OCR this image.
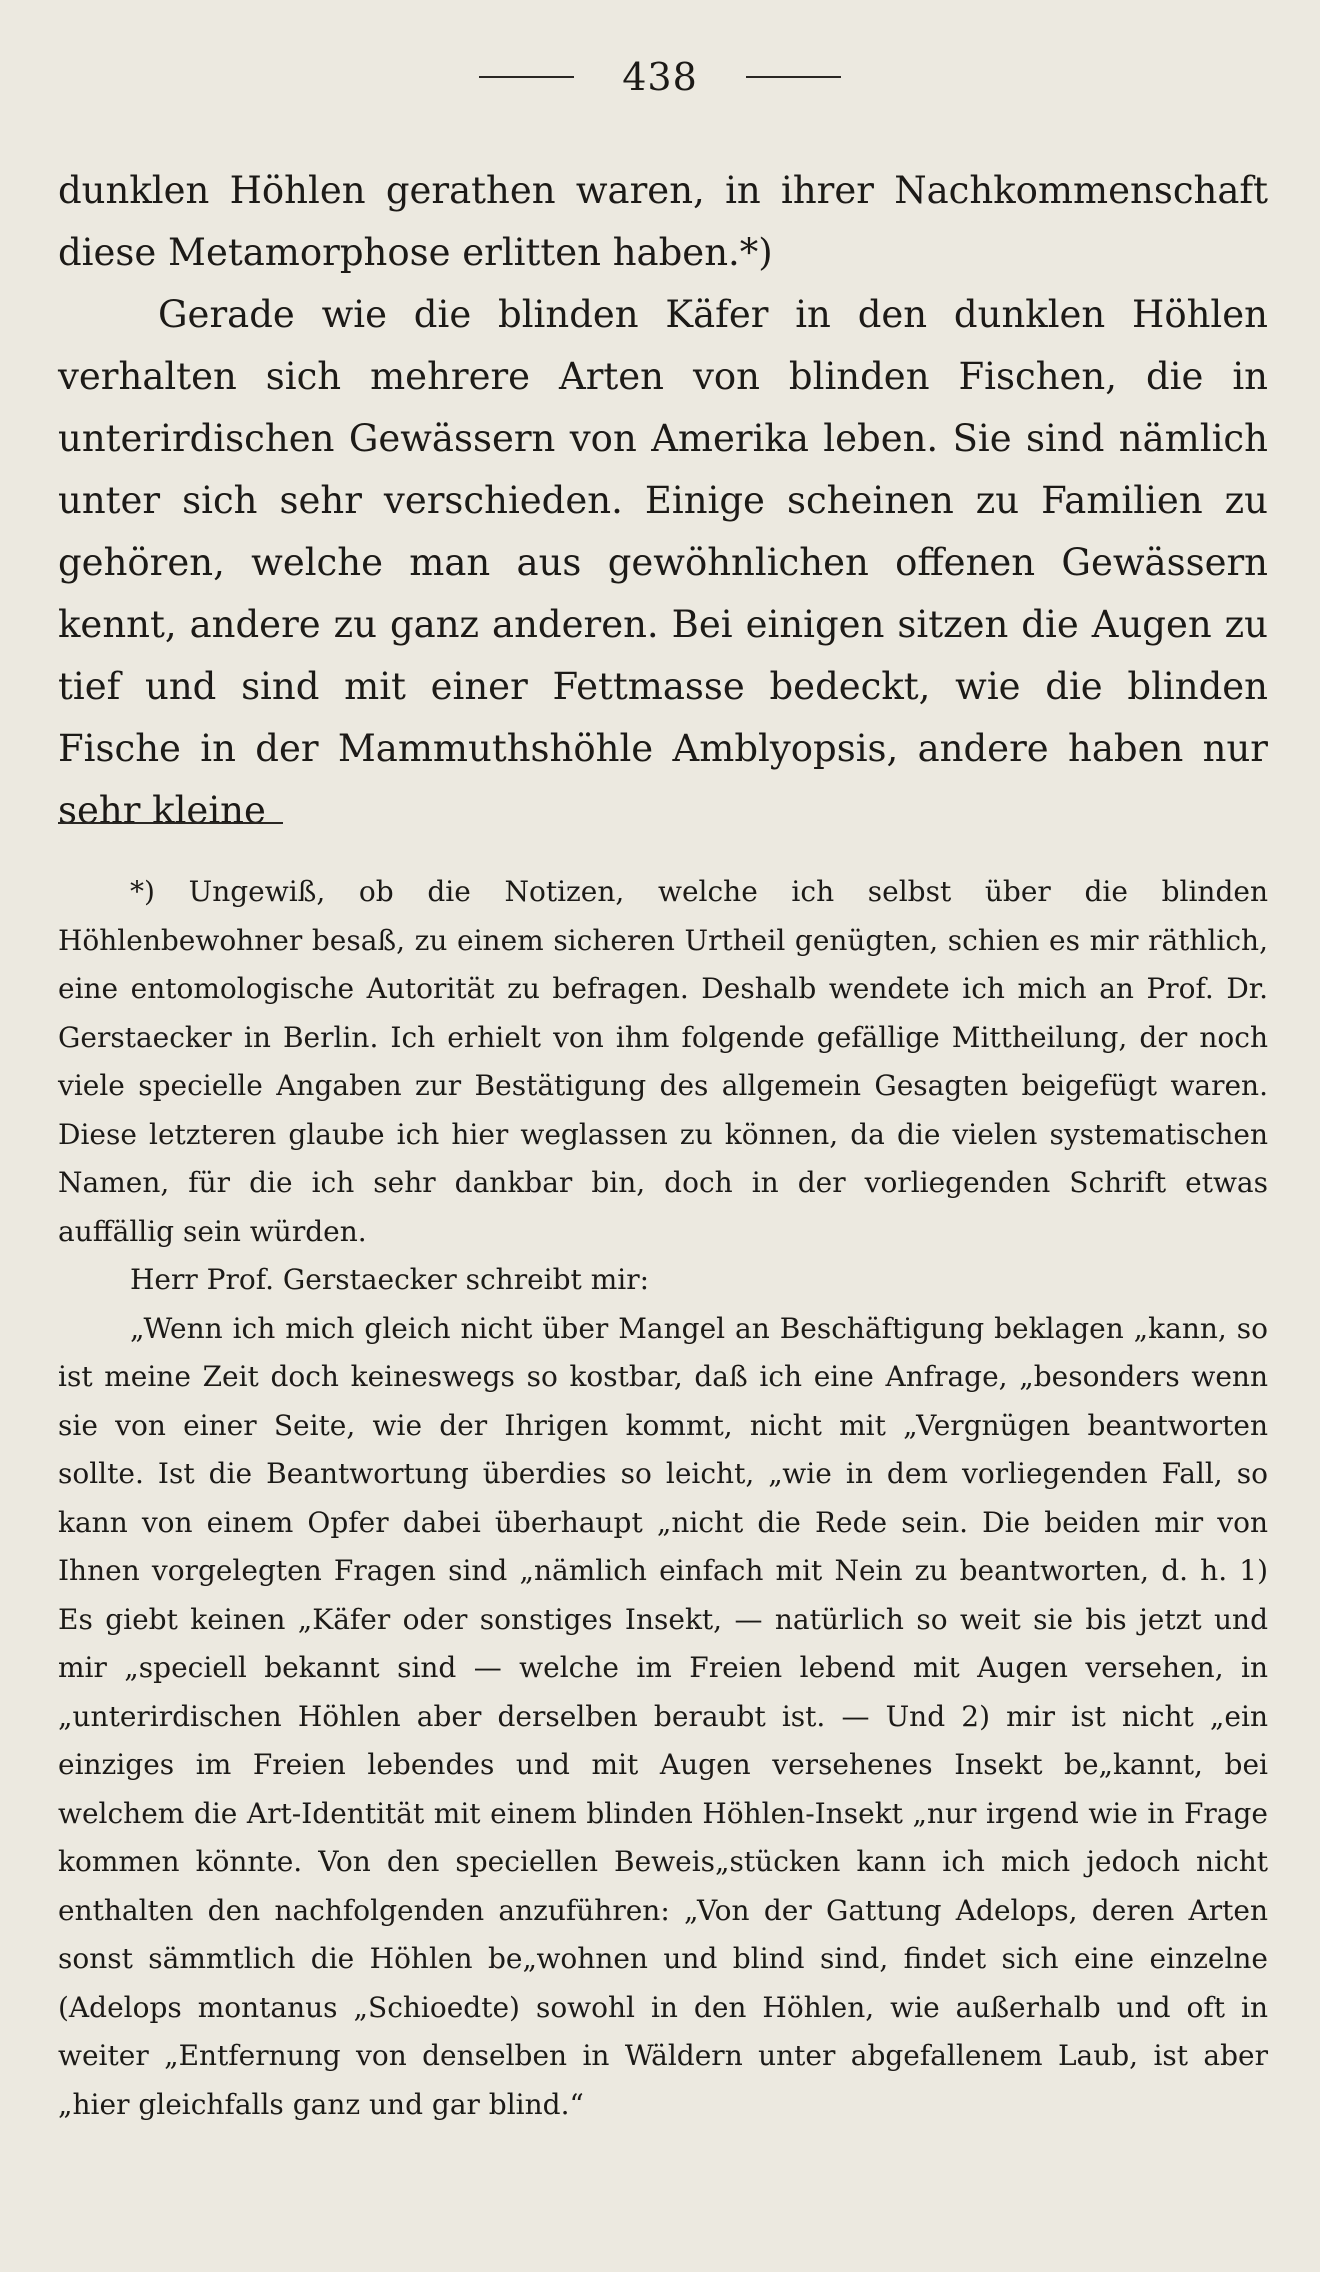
438

dunklen Höhlen gerathen waren, in ihrer Nachkommenschaft diese Metamorphose erlitten haben.*)

Gerade wie die blinden Käfer in den dunklen Höhlen verhalten sich mehrere Arten von blinden Fischen, die in unterirdischen Gewässern von Amerika leben. Sie sind nämlich unter sich sehr verschieden. Einige scheinen zu Familien zu gehören, welche man aus gewöhnlichen offenen Gewässern kennt, andere zu ganz anderen. Bei einigen sitzen die Augen zu tief und sind mit einer Fettmasse bedeckt, wie die blinden Fische in der Mammuthshöhle Amblyopsis, andere haben nur sehr kleine

*) Ungewiß, ob die Notizen, welche ich selbst über die blinden Höhlenbewohner besaß, zu einem sicheren Urtheil genügten, schien es mir räthlich, eine entomologische Autorität zu befragen. Deshalb wendete ich mich an Prof. Dr. Gerstaecker in Berlin. Ich erhielt von ihm folgende gefällige Mittheilung, der noch viele specielle Angaben zur Bestätigung des allgemein Gesagten beigefügt waren. Diese letzteren glaube ich hier weglassen zu können, da die vielen systematischen Namen, für die ich sehr dankbar bin, doch in der vorliegenden Schrift etwas auffällig sein würden.

Herr Prof. Gerstaecker schreibt mir:

„Wenn ich mich gleich nicht über Mangel an Beschäftigung beklagen „kann, so ist meine Zeit doch keineswegs so kostbar, daß ich eine Anfrage, „besonders wenn sie von einer Seite, wie der Ihrigen kommt, nicht mit „Vergnügen beantworten sollte. Ist die Beantwortung überdies so leicht, „wie in dem vorliegenden Fall, so kann von einem Opfer dabei überhaupt „nicht die Rede sein. Die beiden mir von Ihnen vorgelegten Fragen sind „nämlich einfach mit Nein zu beantworten, d. h. 1) Es giebt keinen „Käfer oder sonstiges Insekt, — natürlich so weit sie bis jetzt und mir „speciell bekannt sind — welche im Freien lebend mit Augen versehen, in „unterirdischen Höhlen aber derselben beraubt ist. — Und 2) mir ist nicht „ein einziges im Freien lebendes und mit Augen versehenes Insekt be„kannt, bei welchem die Art-Identität mit einem blinden Höhlen-Insekt „nur irgend wie in Frage kommen könnte. Von den speciellen Beweis„stücken kann ich mich jedoch nicht enthalten den nachfolgenden anzuführen: „Von der Gattung Adelops, deren Arten sonst sämmtlich die Höhlen be„wohnen und blind sind, findet sich eine einzelne (Adelops montanus „Schioedte) sowohl in den Höhlen, wie außerhalb und oft in weiter „Entfernung von denselben in Wäldern unter abgefallenem Laub, ist aber „hier gleichfalls ganz und gar blind.“
